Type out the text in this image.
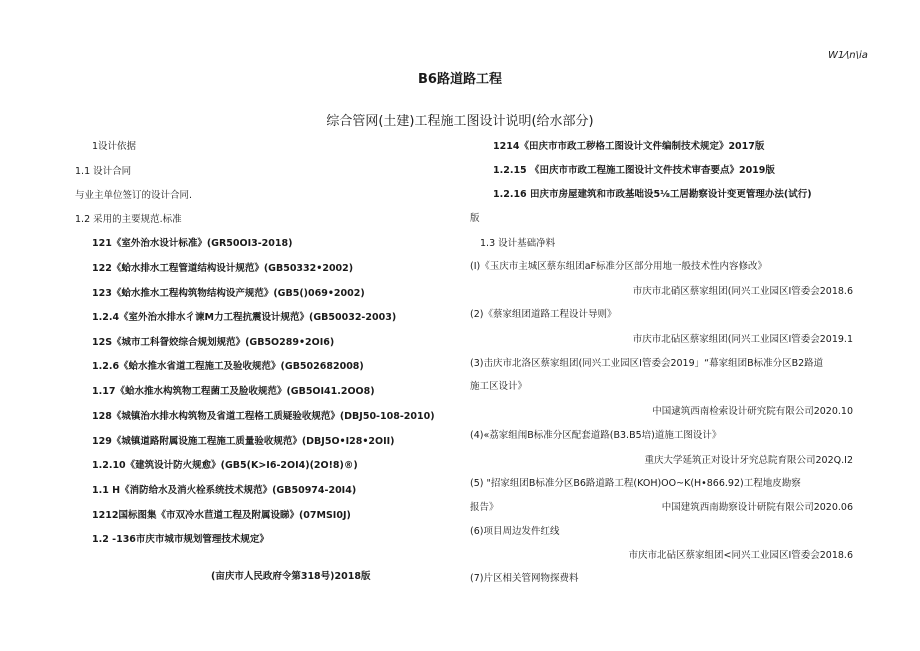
W1⁄\n\ia
B6路道路工程
综合管网(土建)工程施工图设计说明(给水部分)
1设计依据
1.1 设计合同
与业主单位签订的设计合同.
1.2 采用的主要规范.标准
121《室外治水设计标准》(GR50OI3-2018)
122《蛤水排水工程管道结构设计规范》(GB50332•2002)
123《蛤水推水工程构筑物结构设产规范》(GB5()069•2002)
1.2.4《室外治水排水彳谏M力工程抗震设计规范》(GB50032-2003)
12S《城市工科眢姣综合规划规范》(GB5O289•2OI6)
1.2.6《蛤水推水省道工程施工及验收规范》(GB502682008)
1.17《蛤水推水构筑物工程菌工及脸收规范》(GB5OI41.2OO8)
128《城镇治水排水构筑物及省道工程格工质疑验收规范》(DBJ50-108-2010)
129《城镇道路附属设施工程施工质量验收规范》(DBJ5O•I28•2OII)
1.2.10《建筑设计防火规愈》(GB5(K>I6-2OI4)(2O!8)®)
1.1 H《消防给水及消火栓系统技术规范》(GB50974-20I4)
1212国标图集《市双冷水苣道工程及附属设睇》(07MSI0J)
1.2 -136市庆市城市规划管理技术规定》
(亩庆市人民政府令第318号)2018版
1214《田庆市市政工秽格工图设计文件编制技术规定》2017版
1.2.15 《田庆市市政工程施工图设计文件技术审杳要点》2019版
1.2.16 田庆市房屋建筑和市政基咄设5⅛工居勘察设计变更管理办法(试行)
版
1.3 设计基础净料
(I)《玉庆市主城区蔡东组团aF标准分区部分用地一般技术性内容修改》
市庆市北硝区蔡家组团(同兴工业园区I管委会2018.6
(2)《蔡家组团道路工程设计导则》
市庆市北砧区蔡家组团(同兴工业园区I管委会2019.1
(3)击庆市北洛区蔡家组团(同兴工业园区I管委会2019」“幕家组团B标准分区B2路道
施工区设计》
中国逮筑西南检索设计研究院有限公司2020.10
(4)«荔家组闱B标准分区配套道路(B3.B5培)道施工图设计》
重庆大学延筑正对设计牙究总院育限公司202Q.I2
(5) "招家组团B标准分区B6路道路工程(KOH)OO~K(H•866.92)工程地皮勘察
报告》	中国建筑西南勘察设计研院有限公司2020.06
(6)项目周边发件红线
市庆市北砧区蔡家组团<同兴工业园区I管委会2018.6
(7)片区相关管网物探费料
